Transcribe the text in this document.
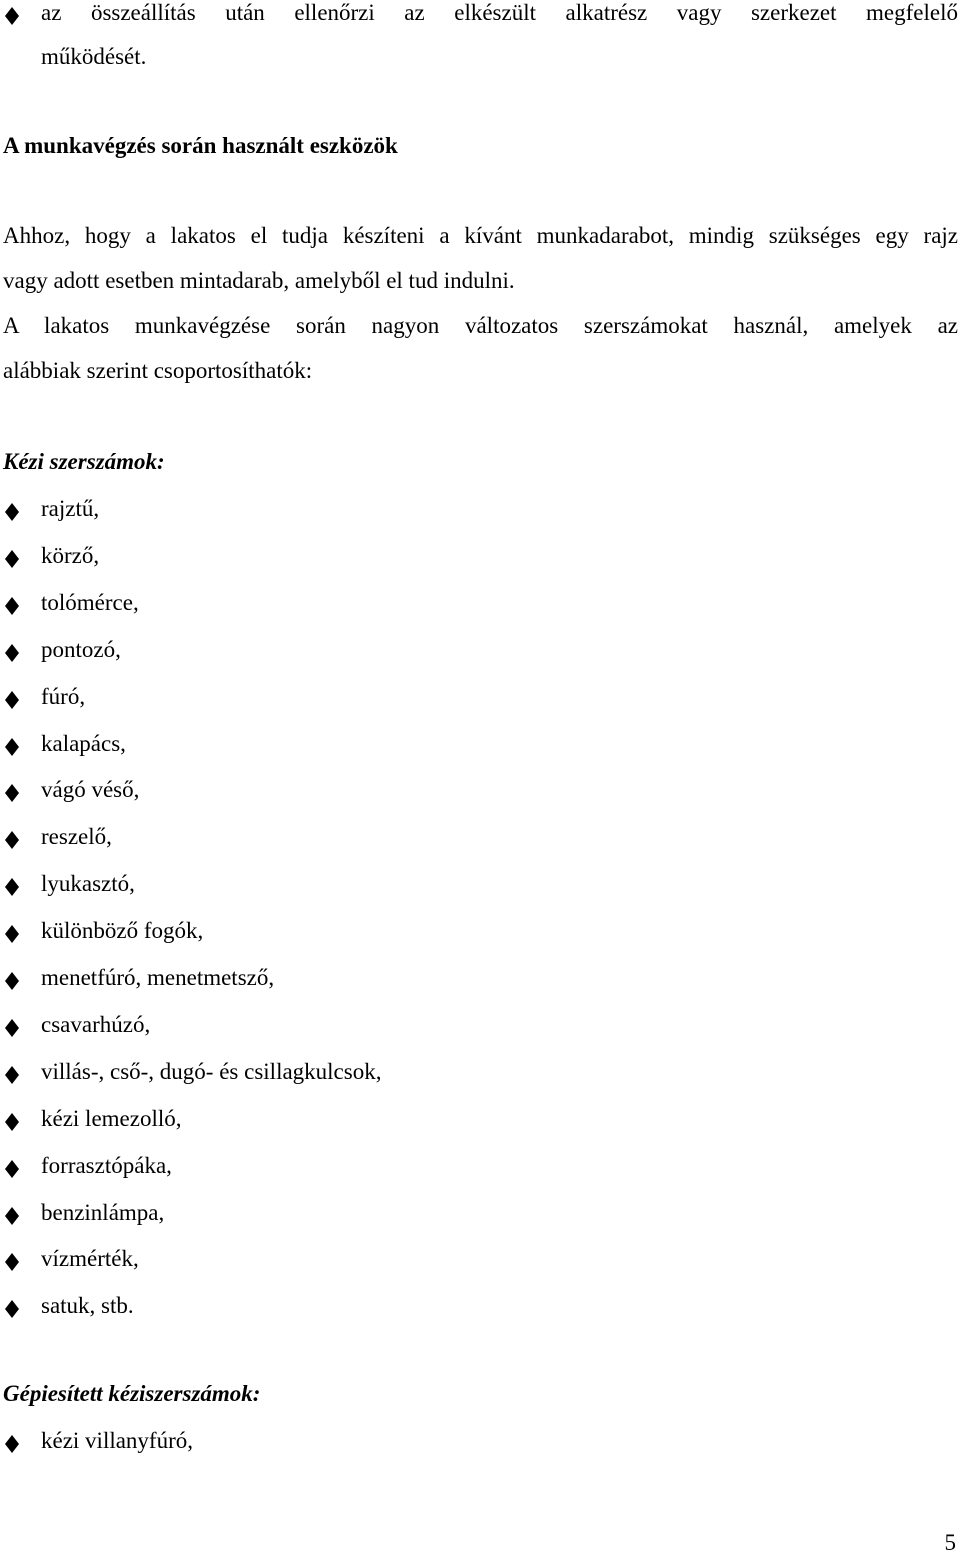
az összeállítás után ellenőrzi az elkészült alkatrész vagy szerkezet megfelelő
működését.
A munkavégzés során használt eszközök
Ahhoz, hogy a lakatos el tudja készíteni a kívánt munkadarabot, mindig szükséges egy rajz
vagy adott esetben mintadarab, amelyből el tud indulni.
A lakatos munkavégzése során nagyon változatos szerszámokat használ, amelyek az
alábbiak szerint csoportosíthatók:
Kézi szerszámok:
rajztű,
körző,
tolómérce,
pontozó,
fúró,
kalapács,
vágó véső,
reszelő,
lyukasztó,
különböző fogók,
menetfúró, menetmetsző,
csavarhúzó,
villás-, cső-, dugó- és csillagkulcsok,
kézi lemezolló,
forrasztópáka,
benzinlámpa,
vízmérték,
satuk, stb.
Gépiesített kéziszerszámok:
kézi villanyfúró,
5
